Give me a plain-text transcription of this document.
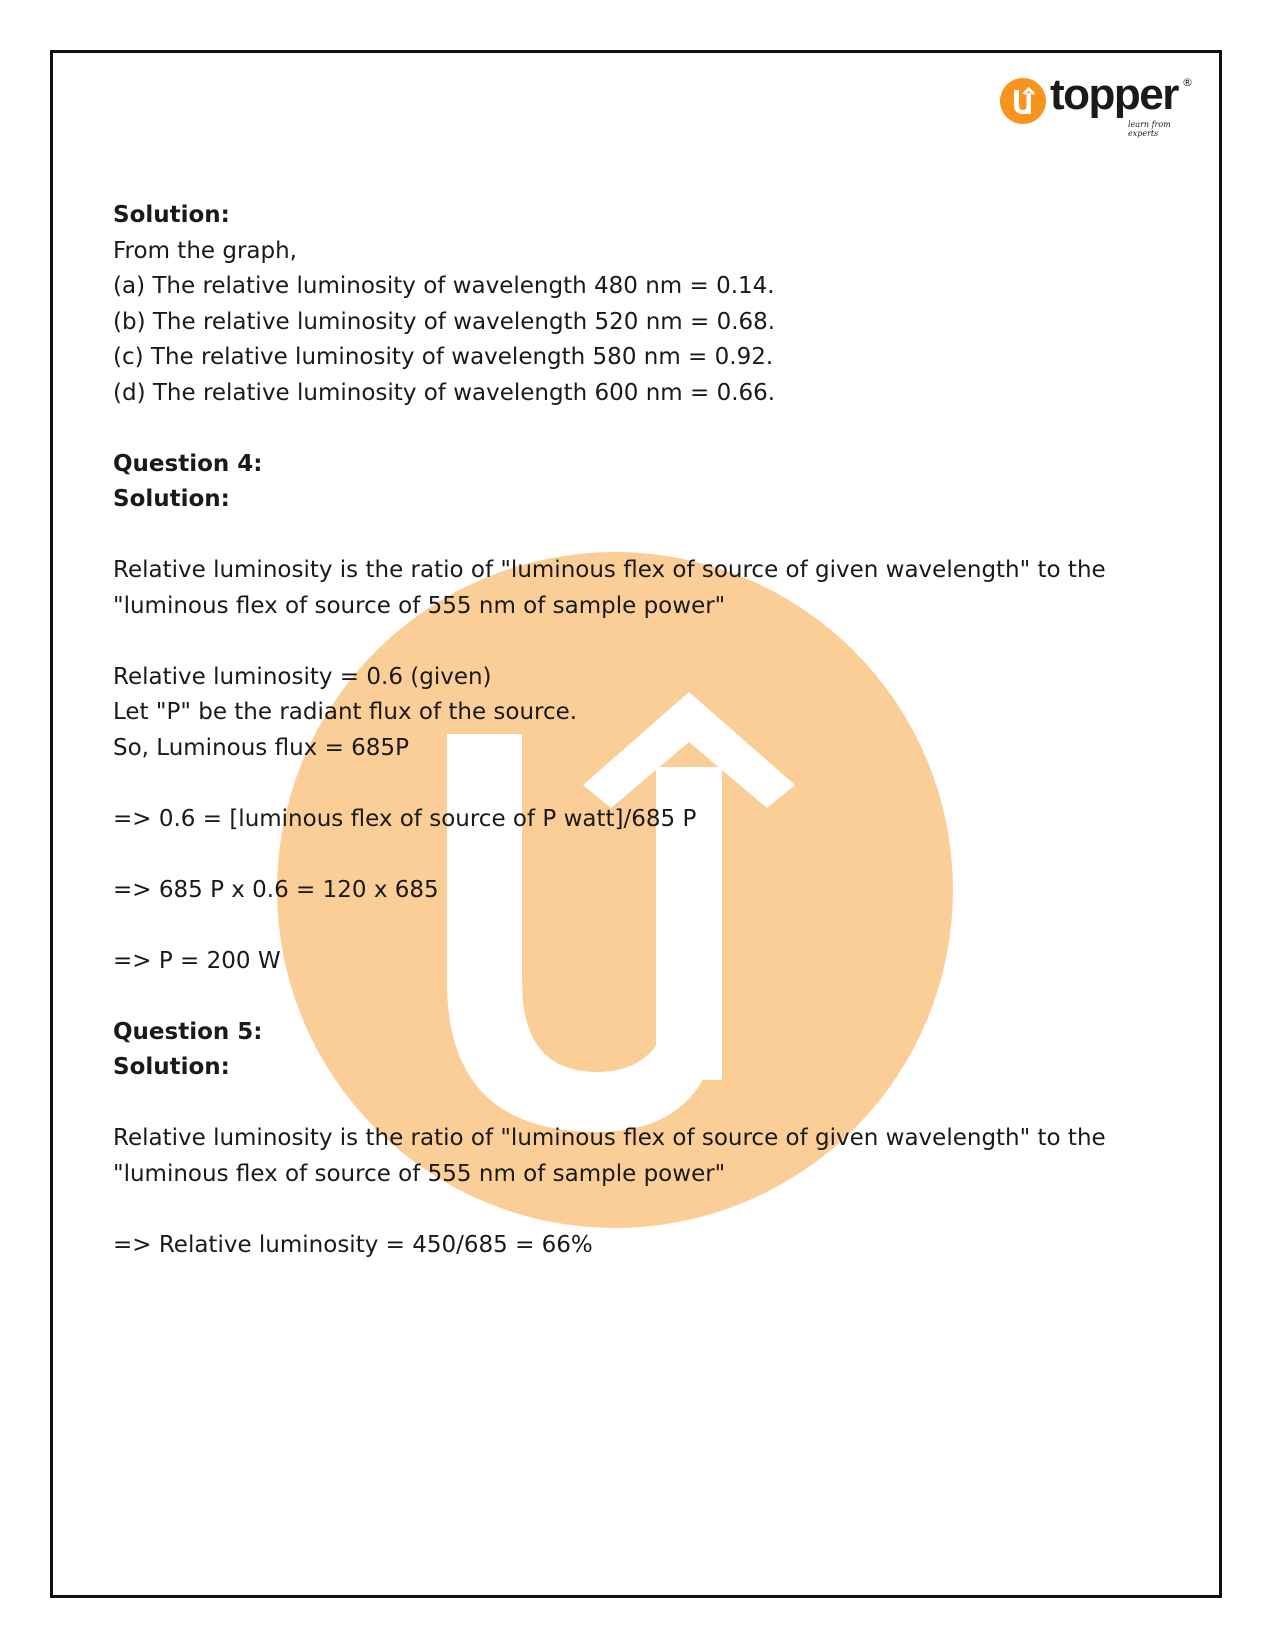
topper ®
learn from experts

Solution:

From the graph,

(a) The relative luminosity of wavelength 480 nm = 0.14.

(b) The relative luminosity of wavelength 520 nm = 0.68.

(c) The relative luminosity of wavelength 580 nm = 0.92.

(d) The relative luminosity of wavelength 600 nm = 0.66.

Question 4:

Solution:

Relative luminosity is the ratio of "luminous flex of source of given wavelength" to the

"luminous flex of source of 555 nm of sample power"

Relative luminosity = 0.6 (given)

Let "P" be the radiant flux of the source.

So, Luminous flux = 685P

=> 0.6 = [luminous flex of source of P watt]/685 P

=> 685 P x 0.6 = 120 x 685

=> P = 200 W

Question 5:

Solution:

Relative luminosity is the ratio of "luminous flex of source of given wavelength" to the

"luminous flex of source of 555 nm of sample power"

=> Relative luminosity = 450/685 = 66%
